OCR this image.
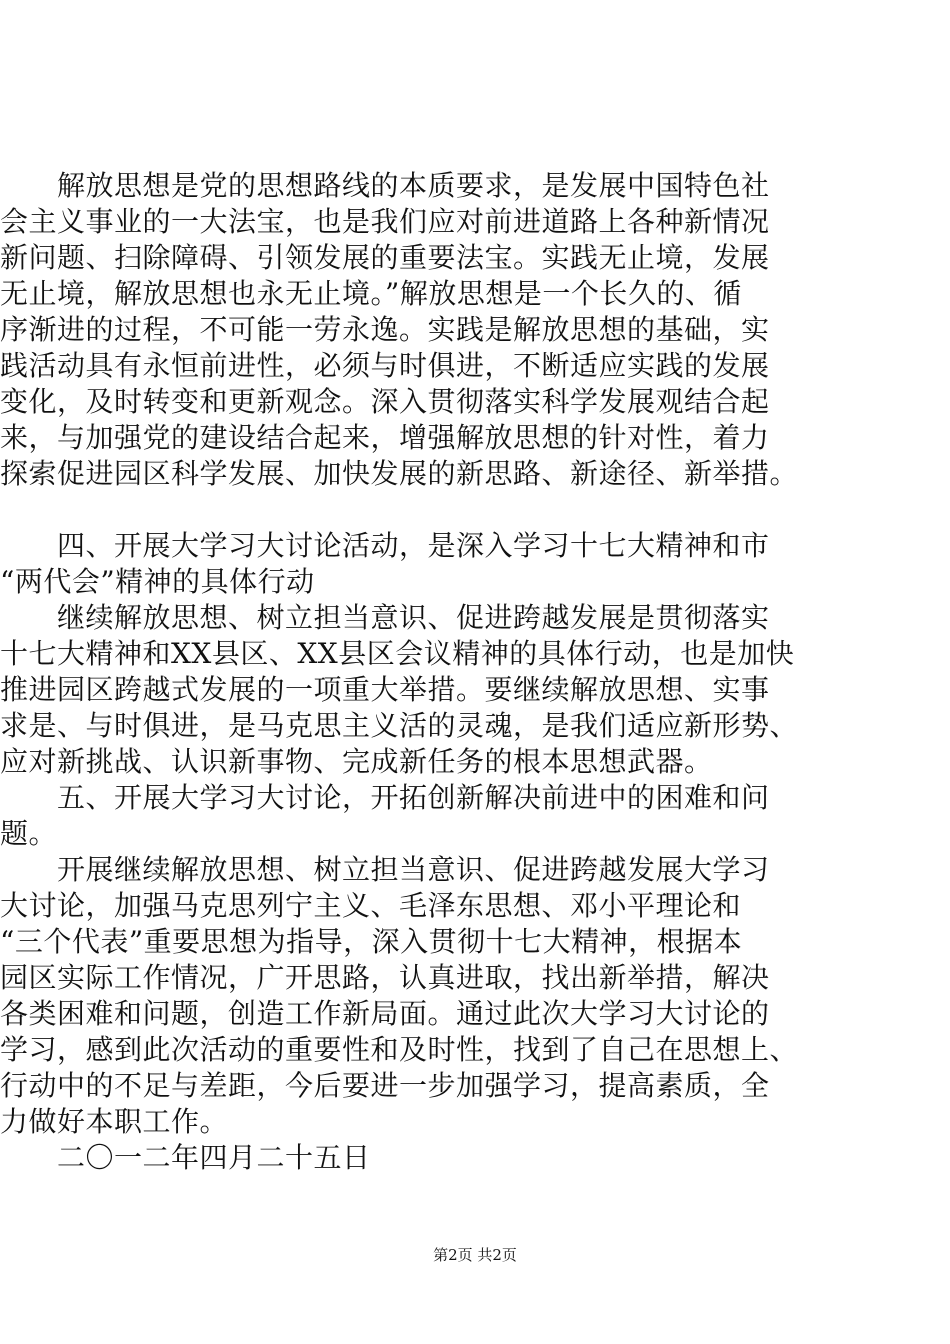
　　解放思想是党的思想路线的本质要求，是发展中国特色社
会主义事业的一大法宝，也是我们应对前进道路上各种新情况
新问题、扫除障碍、引领发展的重要法宝。实践无止境，发展
无止境，解放思想也永无止境。”解放思想是一个长久的、循
序渐进的过程，不可能一劳永逸。实践是解放思想的基础，实
践活动具有永恒前进性，必须与时俱进，不断适应实践的发展
变化，及时转变和更新观念。深入贯彻落实科学发展观结合起
来，与加强党的建设结合起来，增强解放思想的针对性，着力
探索促进园区科学发展、加快发展的新思路、新途径、新举措。
　　四、开展大学习大讨论活动，是深入学习十七大精神和市
“两代会”精神的具体行动
　　继续解放思想、树立担当意识、促进跨越发展是贯彻落实
十七大精神和XX县区、XX县区会议精神的具体行动，也是加快
推进园区跨越式发展的一项重大举措。要继续解放思想、实事
求是、与时俱进，是马克思主义活的灵魂，是我们适应新形势、
应对新挑战、认识新事物、完成新任务的根本思想武器。
　　五、开展大学习大讨论，开拓创新解决前进中的困难和问
题。
　　开展继续解放思想、树立担当意识、促进跨越发展大学习
大讨论，加强马克思列宁主义、毛泽东思想、邓小平理论和
“三个代表”重要思想为指导，深入贯彻十七大精神，根据本
园区实际工作情况，广开思路，认真进取，找出新举措，解决
各类困难和问题，创造工作新局面。通过此次大学习大讨论的
学习，感到此次活动的重要性和及时性，找到了自己在思想上、
行动中的不足与差距，今后要进一步加强学习，提高素质，全
力做好本职工作。
　　二〇一二年四月二十五日
第2页 共2页
